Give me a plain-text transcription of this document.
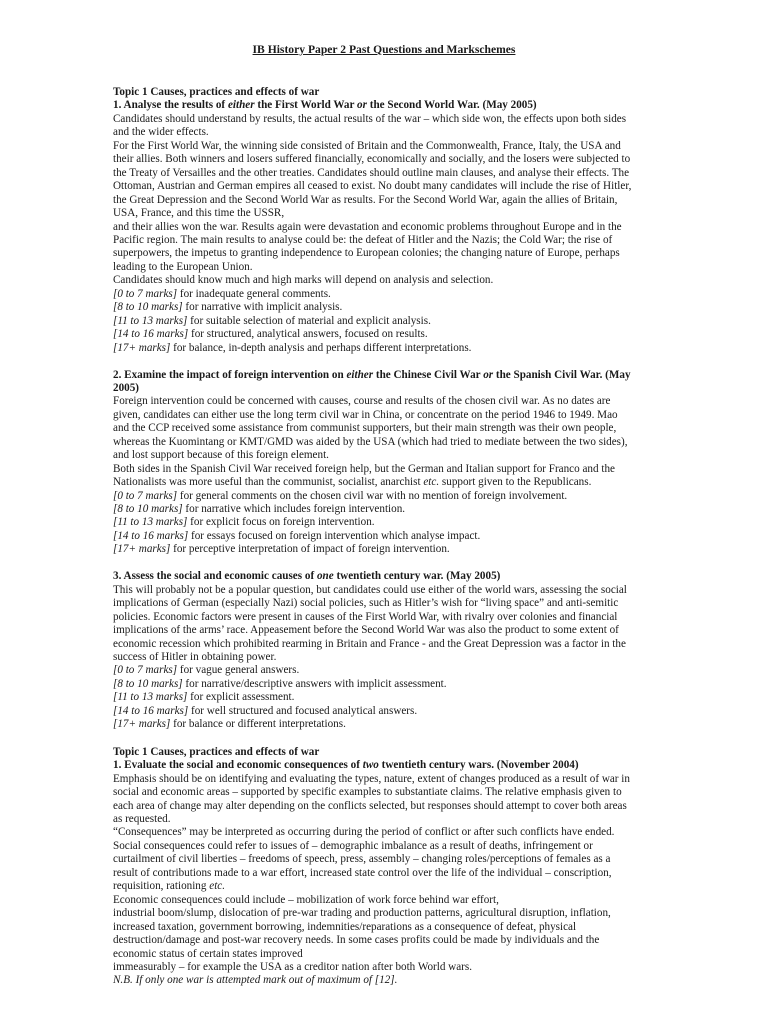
IB History Paper 2 Past Questions and Markschemes

Topic 1 Causes, practices and effects of war

1. Analyse the results of either the First World War or the Second World War. (May 2005)

Candidates should understand by results, the actual results of the war – which side won, the effects upon both sides and the wider effects.

For the First World War, the winning side consisted of Britain and the Commonwealth, France, Italy, the USA and their allies. Both winners and losers suffered financially, economically and socially, and the losers were subjected to the Treaty of Versailles and the other treaties. Candidates should outline main clauses, and analyse their effects. The Ottoman, Austrian and German empires all ceased to exist. No doubt many candidates will include the rise of Hitler, the Great Depression and the Second World War as results. For the Second World War, again the allies of Britain, USA, France, and this time the USSR,

and their allies won the war. Results again were devastation and economic problems throughout Europe and in the Pacific region. The main results to analyse could be: the defeat of Hitler and the Nazis; the Cold War; the rise of superpowers, the impetus to granting independence to European colonies; the changing nature of Europe, perhaps leading to the European Union.

Candidates should know much and high marks will depend on analysis and selection.

[0 to 7 marks] for inadequate general comments.

[8 to 10 marks] for narrative with implicit analysis.

[11 to 13 marks] for suitable selection of material and explicit analysis.

[14 to 16 marks] for structured, analytical answers, focused on results.

[17+ marks] for balance, in-depth analysis and perhaps different interpretations.

2. Examine the impact of foreign intervention on either the Chinese Civil War or the Spanish Civil War. (May 2005)

Foreign intervention could be concerned with causes, course and results of the chosen civil war. As no dates are given, candidates can either use the long term civil war in China, or concentrate on the period 1946 to 1949. Mao and the CCP received some assistance from communist supporters, but their main strength was their own people, whereas the Kuomintang or KMT/GMD was aided by the USA (which had tried to mediate between the two sides), and lost support because of this foreign element.

Both sides in the Spanish Civil War received foreign help, but the German and Italian support for Franco and the Nationalists was more useful than the communist, socialist, anarchist etc. support given to the Republicans.

[0 to 7 marks] for general comments on the chosen civil war with no mention of foreign involvement.

[8 to 10 marks] for narrative which includes foreign intervention.

[11 to 13 marks] for explicit focus on foreign intervention.

[14 to 16 marks] for essays focused on foreign intervention which analyse impact.

[17+ marks] for perceptive interpretation of impact of foreign intervention.

3. Assess the social and economic causes of one twentieth century war. (May 2005)

This will probably not be a popular question, but candidates could use either of the world wars, assessing the social implications of German (especially Nazi) social policies, such as Hitler’s wish for “living space” and anti-semitic policies. Economic factors were present in causes of the First World War, with rivalry over colonies and financial implications of the arms’ race. Appeasement before the Second World War was also the product to some extent of economic recession which prohibited rearming in Britain and France - and the Great Depression was a factor in the success of Hitler in obtaining power.

[0 to 7 marks] for vague general answers.

[8 to 10 marks] for narrative/descriptive answers with implicit assessment.

[11 to 13 marks] for explicit assessment.

[14 to 16 marks] for well structured and focused analytical answers.

[17+ marks] for balance or different interpretations.

Topic 1 Causes, practices and effects of war

1. Evaluate the social and economic consequences of two twentieth century wars. (November 2004)

Emphasis should be on identifying and evaluating the types, nature, extent of changes produced as a result of war in social and economic areas – supported by specific examples to substantiate claims. The relative emphasis given to each area of change may alter depending on the conflicts selected, but responses should attempt to cover both areas as requested.

“Consequences” may be interpreted as occurring during the period of conflict or after such conflicts have ended. Social consequences could refer to issues of – demographic imbalance as a result of deaths, infringement or curtailment of civil liberties – freedoms of speech, press, assembly – changing roles/perceptions of females as a result of contributions made to a war effort, increased state control over the life of the individual – conscription, requisition, rationing etc.

Economic consequences could include – mobilization of work force behind war effort,

industrial boom/slump, dislocation of pre-war trading and production patterns, agricultural disruption, inflation, increased taxation, government borrowing, indemnities/reparations as a consequence of defeat, physical destruction/damage and post-war recovery needs. In some cases profits could be made by individuals and the economic status of certain states improved

immeasurably – for example the USA as a creditor nation after both World wars.

N.B. If only one war is attempted mark out of maximum of [12].
